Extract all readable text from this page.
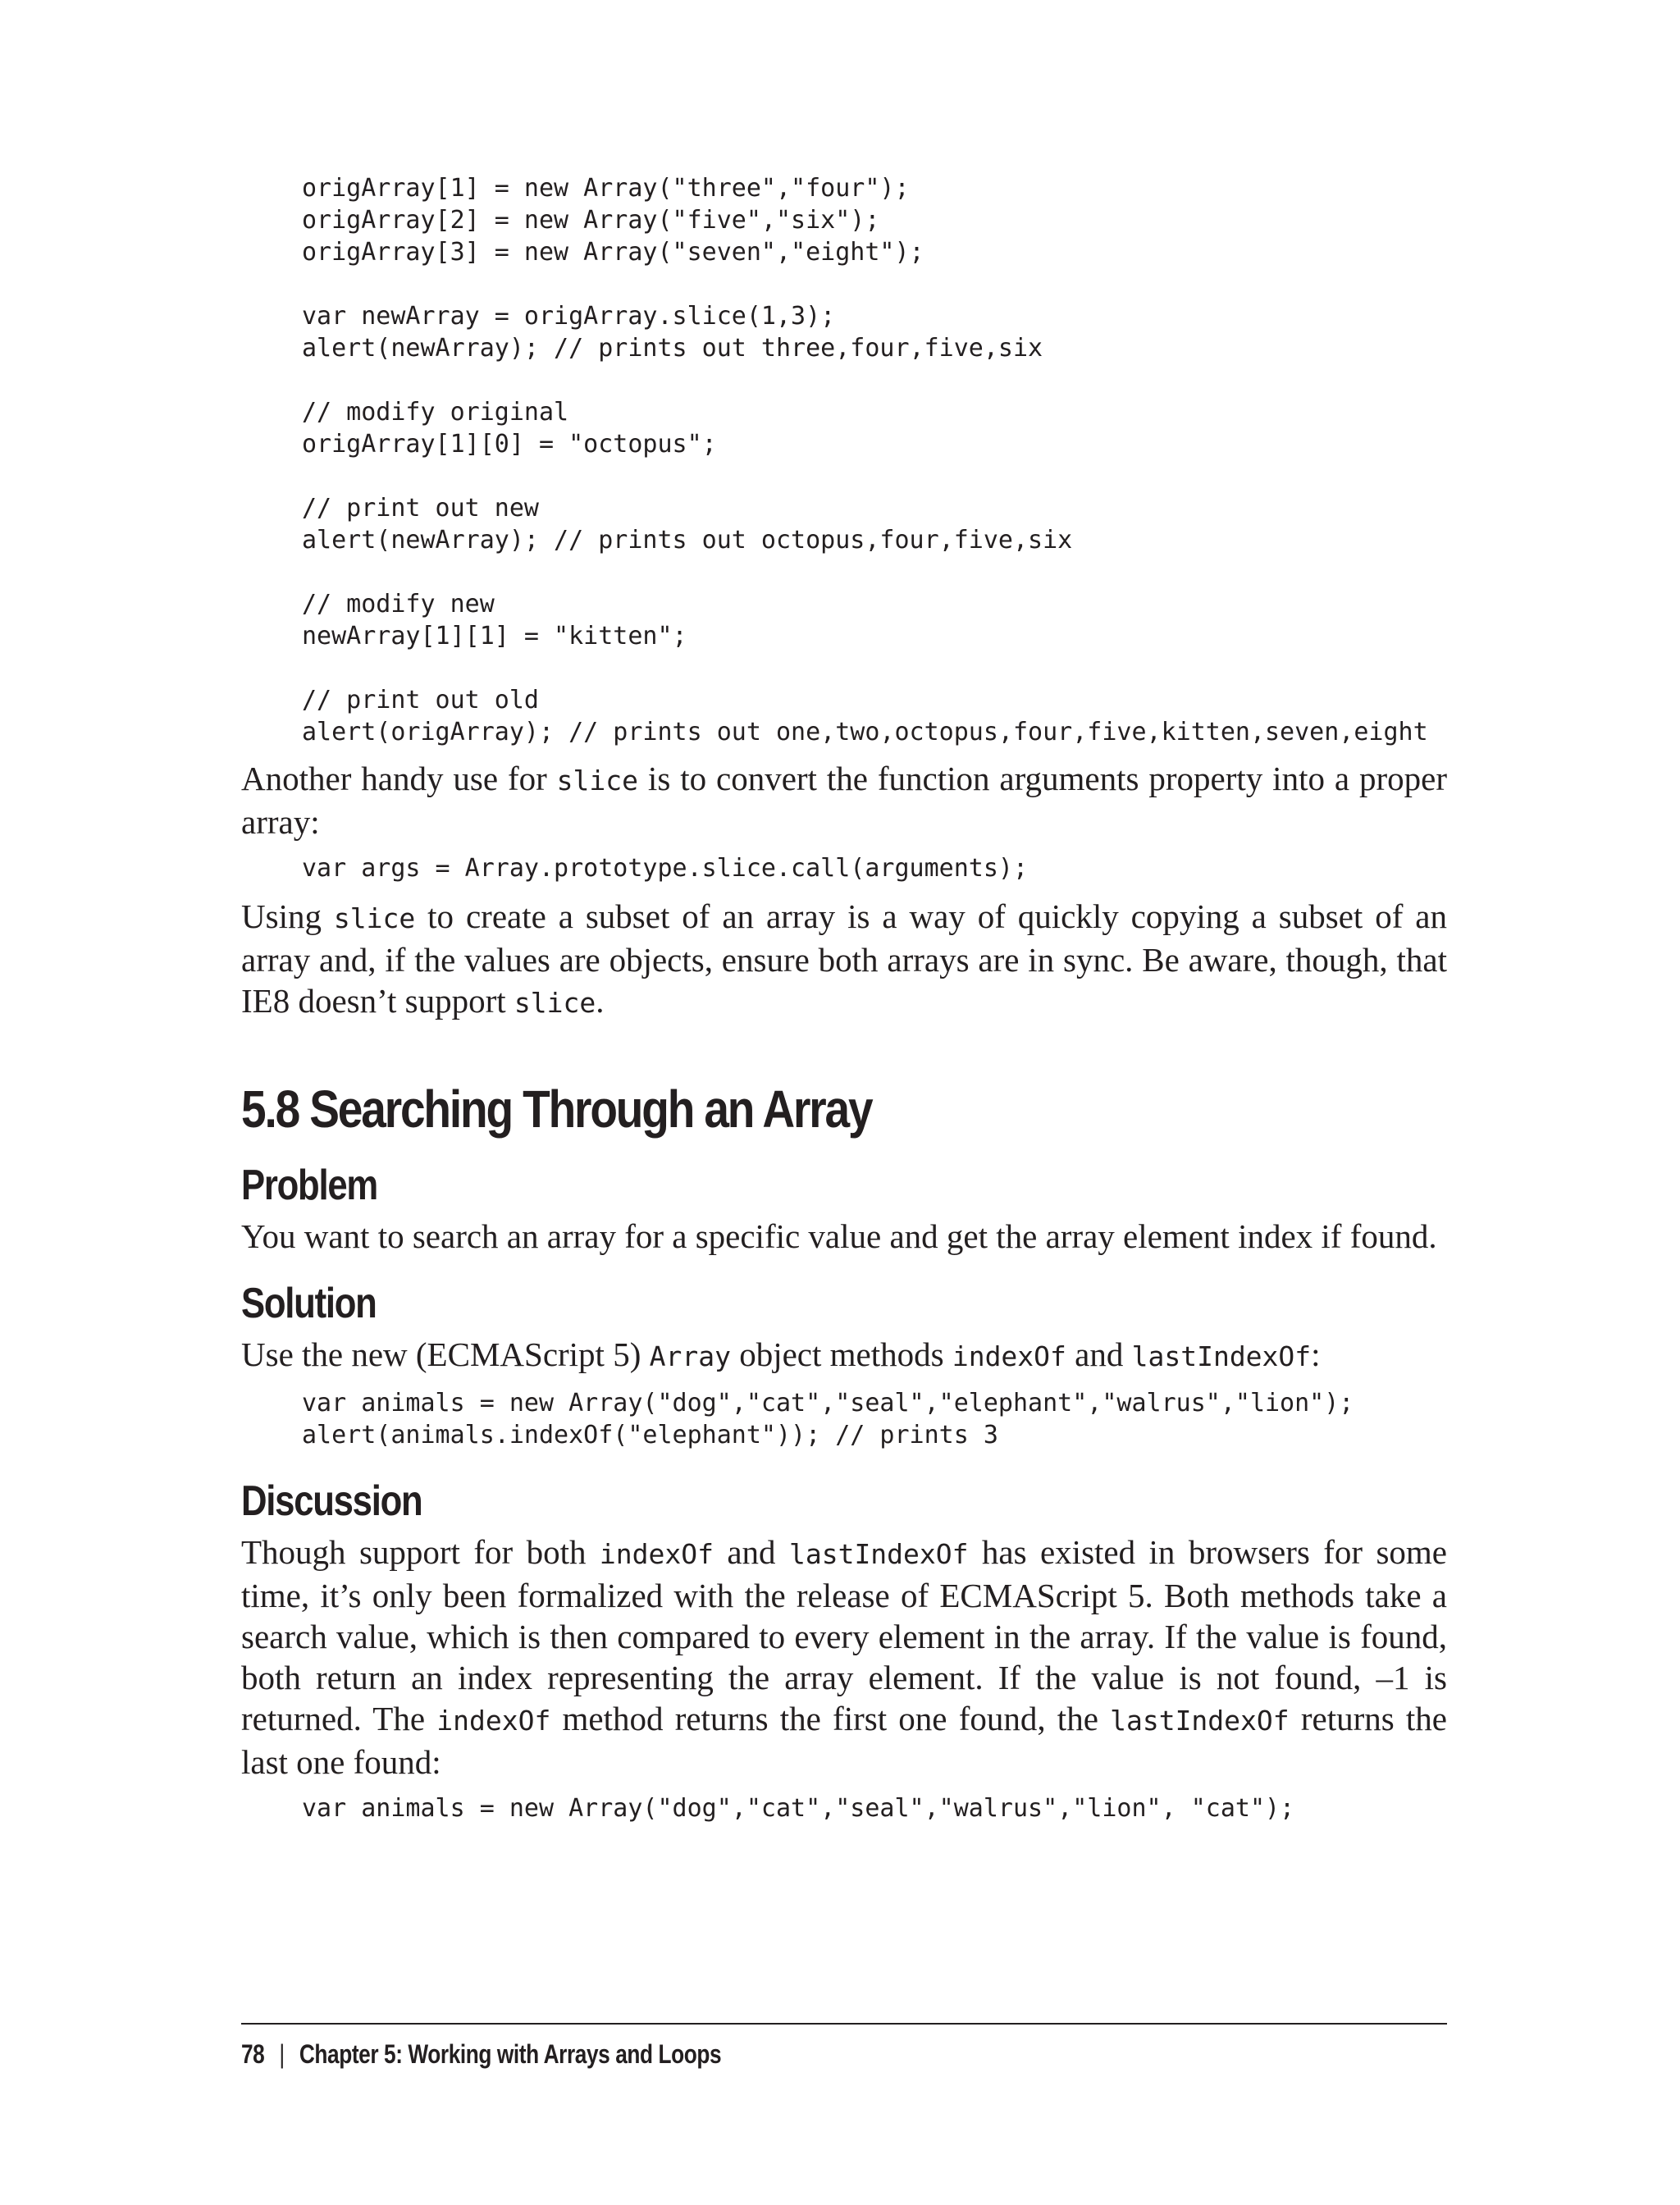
origArray[1] = new Array("three","four");
origArray[2] = new Array("five","six");
origArray[3] = new Array("seven","eight");
var newArray = origArray.slice(1,3);
alert(newArray); // prints out three,four,five,six
// modify original
origArray[1][0] = "octopus";
// print out new
alert(newArray); // prints out octopus,four,five,six
// modify new
newArray[1][1] = "kitten";
// print out old
alert(origArray); // prints out one,two,octopus,four,five,kitten,seven,eight

Another handy use for slice is to convert the function arguments property into a proper array:

var args = Array.prototype.slice.call(arguments);

Using slice to create a subset of an array is a way of quickly copying a subset of an array and, if the values are objects, ensure both arrays are in sync. Be aware, though, that IE8 doesn’t support slice.

5.8 Searching Through an Array
Problem

You want to search an array for a specific value and get the array element index if found.

Solution

Use the new (ECMAScript 5) Array object methods indexOf and lastIndexOf:

var animals = new Array("dog","cat","seal","elephant","walrus","lion");
alert(animals.indexOf("elephant")); // prints 3
Discussion

Though support for both indexOf and lastIndexOf has existed in browsers for some time, it’s only been formalized with the release of ECMAScript 5. Both methods take a search value, which is then compared to every element in the array. If the value is found, both return an index representing the array element. If the value is not found, –1 is returned. The indexOf method returns the first one found, the lastIndexOf returns the last one found:

var animals = new Array("dog","cat","seal","walrus","lion", "cat");
78 | Chapter 5: Working with Arrays and Loops
